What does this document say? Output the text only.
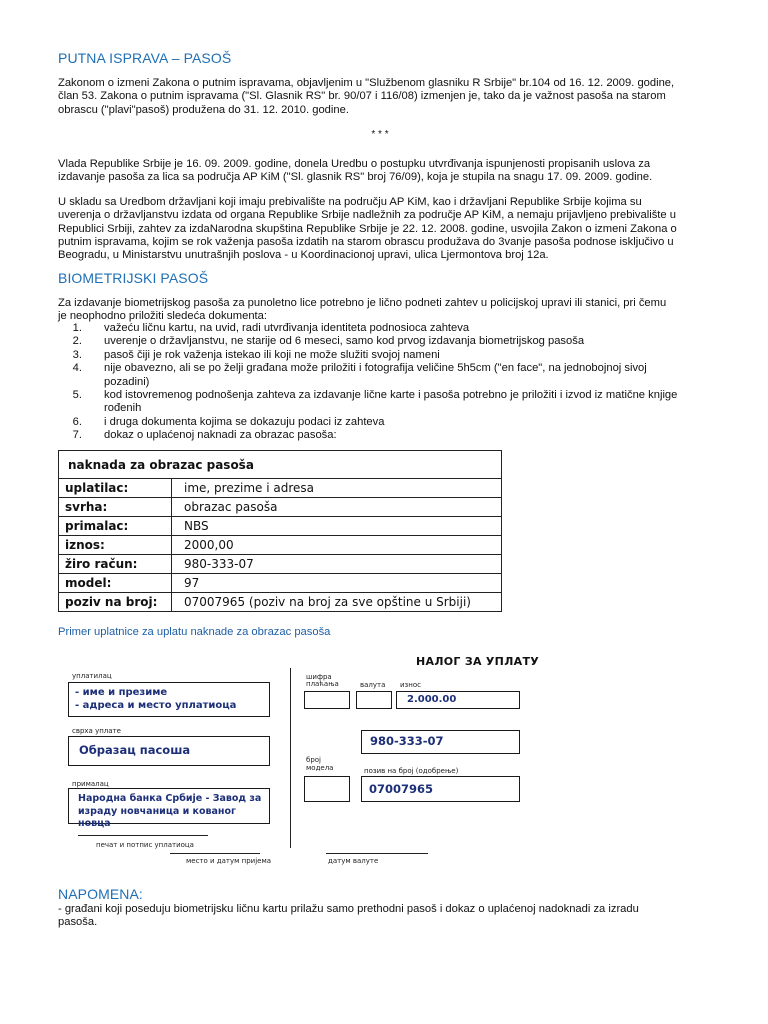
PUTNA ISPRAVA – PASOŠ
Zakonom o izmeni Zakona o putnim ispravama, objavljenim u "Službenom glasniku R Srbije" br.104 od 16. 12. 2009. godine,
član 53. Zakona o putnim ispravama ("Sl. Glasnik RS" br. 90/07 i 116/08) izmenjen je, tako da je važnost pasoša na starom
obrascu ("plavi"pasoš) produžena do 31. 12. 2010. godine.
* * *
Vlada Republike Srbije je 16. 09. 2009. godine, donela Uredbu o postupku utvrđivanja ispunjenosti propisanih uslova za
izdavanje pasoša za lica sa područja AP KiM ("Sl. glasnik RS" broj 76/09), koja je stupila na snagu 17. 09. 2009. godine.
U skladu sa Uredbom državljani koji imaju prebivalište na području AP KiM, kao i državljani Republike Srbije kojima su
uverenja o državljanstvu izdata od organa Republike Srbije nadležnih za područje AP KiM, a nemaju prijavljeno prebivalište u
Republici Srbiji, zahtev za izdaNarodna skupština Republike Srbije je 22. 12. 2008. godine, usvojila Zakon o izmeni Zakona o
putnim ispravama, kojim se rok važenja pasoša izdatih na starom obrascu produžava do 3vanje pasoša podnose isključivo u
Beogradu, u Ministarstvu unutrašnjih poslova - u Koordinacionoj upravi, ulica Ljermontova broj 12a.
BIOMETRIJSKI PASOŠ
Za izdavanje biometrijskog pasoša za punoletno lice potrebno je lično podneti zahtev u policijskoj upravi ili stanici, pri čemu
je neophodno priložiti sledeća dokumenta:
1. važeću ličnu kartu, na uvid, radi utvrđivanja identiteta podnosioca zahteva
2. uverenje o državljanstvu, ne starije od 6 meseci, samo kod prvog izdavanja biometrijskog pasoša
3. pasoš čiji je rok važenja istekao ili koji ne može služiti svojoj nameni
4. nije obavezno, ali se po želji građana može priložiti i fotografija veličine 5h5cm ("en face", na jednobojnoj sivoj
pozadini)
5. kod istovremenog podnošenja zahteva za izdavanje lične karte i pasoša potrebno je priložiti i izvod iz matične knjige
rođenih
6. i druga dokumenta kojima se dokazuju podaci iz zahteva
7. dokaz o uplaćenoj naknadi za obrazac pasoša:
naknada za obrazac pasoša	
uplatilac:	ime, prezime i adresa
svrha:	obrazac pasoša
primalac:	NBS
iznos:	2000,00
žiro račun:	980-333-07
model:	97
poziv na broj:	07007965 (poziv na broj za sve opštine u Srbiji)
Primer uplatnice za uplatu naknade za obrazac pasoša
НАЛОГ ЗА УПЛАТУ
уплатилац
- име и презиме
- адреса и место уплатиоца
сврха уплате
Образац пасоша
прималац
Народна банка Србије - Завод за
израду новчаница и кованог новца
печат и потпис уплатиоца
место и датум пријема
шифра
плаћања	валута износ
2.000.00
980-333-07
број
модела	позив на број (одобрење)
07007965
датум валуте
NAPOMENA:
- građani koji poseduju biometrijsku ličnu kartu prilažu samo prethodni pasoš i dokaz o uplaćenoj nadoknadi za izradu
pasoša.
